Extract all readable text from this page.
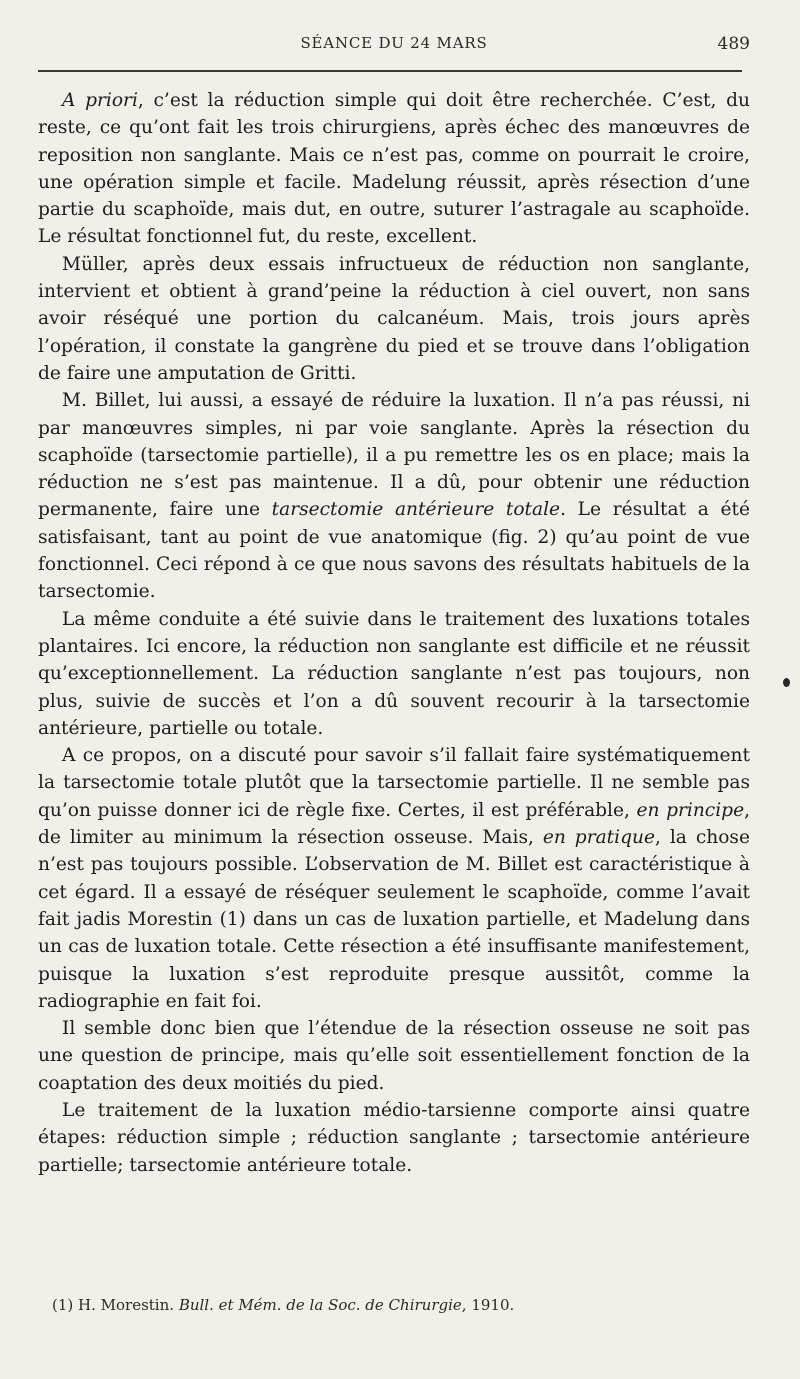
SÉANCE DU 24 MARS	489

A priori, c’est la réduction simple qui doit être recherchée. C’est, du reste, ce qu’ont fait les trois chirurgiens, après échec des manœuvres de reposition non sanglante. Mais ce n’est pas, comme on pourrait le croire, une opération simple et facile. Madelung réussit, après résection d’une partie du scaphoïde, mais dut, en outre, suturer l’astragale au scaphoïde. Le résultat fonctionnel fut, du reste, excellent.

Müller, après deux essais infructueux de réduction non sanglante, intervient et obtient à grand’peine la réduction à ciel ouvert, non sans avoir réséqué une portion du calcanéum. Mais, trois jours après l’opération, il constate la gangrène du pied et se trouve dans l’obligation de faire une amputation de Gritti.

M. Billet, lui aussi, a essayé de réduire la luxation. Il n’a pas réussi, ni par manœuvres simples, ni par voie sanglante. Après la résection du scaphoïde (tarsectomie partielle), il a pu remettre les os en place; mais la réduction ne s’est pas maintenue. Il a dû, pour obtenir une réduction permanente, faire une tarsectomie antérieure totale. Le résultat a été satisfaisant, tant au point de vue anatomique (fig. 2) qu’au point de vue fonctionnel. Ceci répond à ce que nous savons des résultats habituels de la tarsectomie.

La même conduite a été suivie dans le traitement des luxations totales plantaires. Ici encore, la réduction non sanglante est difficile et ne réussit qu’exceptionnellement. La réduction sanglante n’est pas toujours, non plus, suivie de succès et l’on a dû souvent recourir à la tarsectomie antérieure, partielle ou totale.

A ce propos, on a discuté pour savoir s’il fallait faire systématiquement la tarsectomie totale plutôt que la tarsectomie partielle. Il ne semble pas qu’on puisse donner ici de règle fixe. Certes, il est préférable, en principe, de limiter au minimum la résection osseuse. Mais, en pratique, la chose n’est pas toujours possible. L’observation de M. Billet est caractéristique à cet égard. Il a essayé de réséquer seulement le scaphoïde, comme l’avait fait jadis Morestin (1) dans un cas de luxation partielle, et Madelung dans un cas de luxation totale. Cette résection a été insuffisante manifestement, puisque la luxation s’est reproduite presque aussitôt, comme la radiographie en fait foi.

Il semble donc bien que l’étendue de la résection osseuse ne soit pas une question de principe, mais qu’elle soit essentiellement fonction de la coaptation des deux moitiés du pied.

Le traitement de la luxation médio-tarsienne comporte ainsi quatre étapes: réduction simple ; réduction sanglante ; tarsectomie antérieure partielle; tarsectomie antérieure totale.

(1) H. Morestin. Bull. et Mém. de la Soc. de Chirurgie, 1910.
